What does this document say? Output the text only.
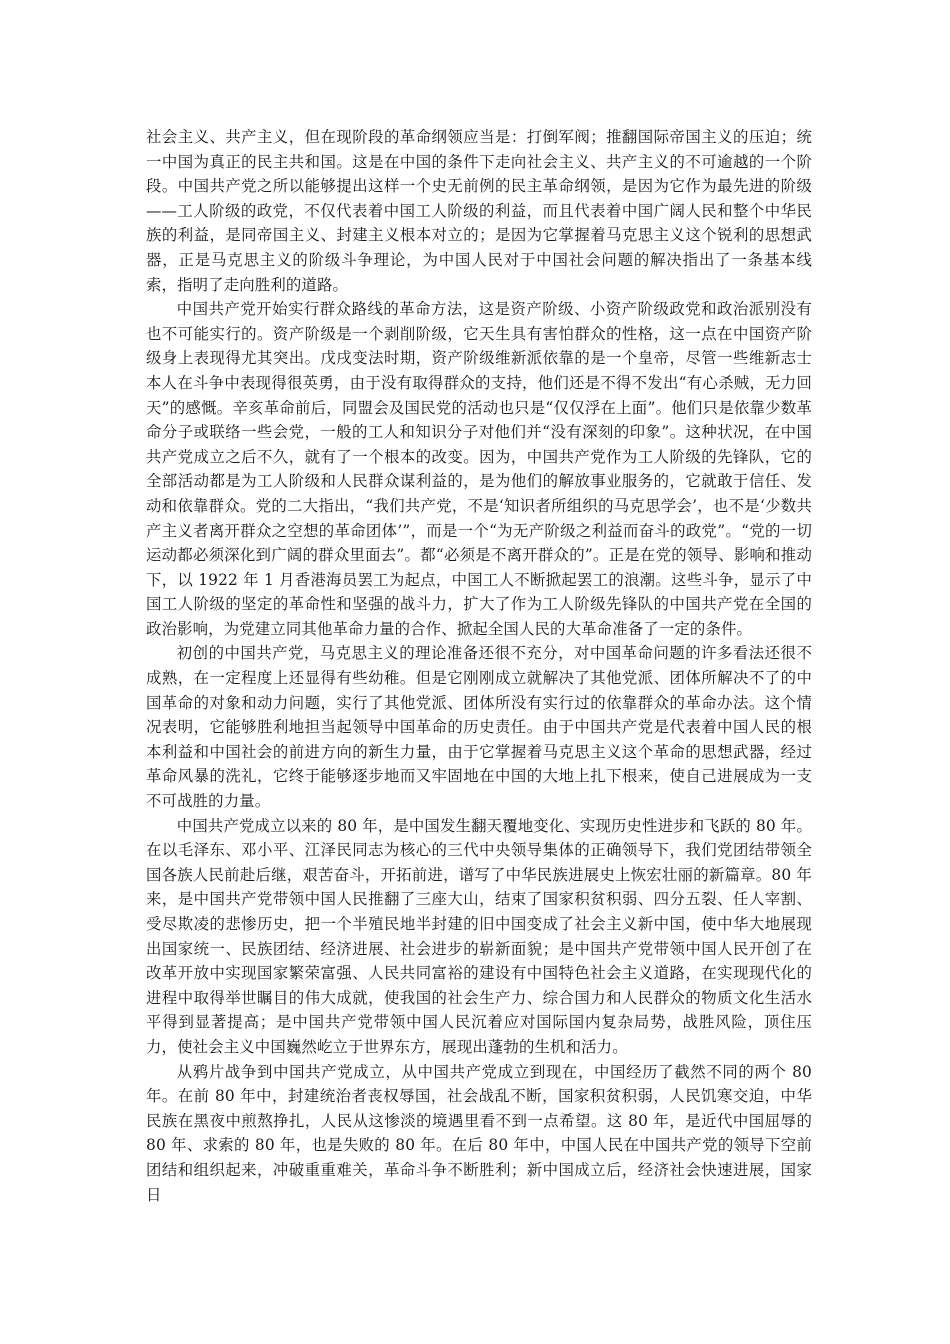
社会主义、共产主义，但在现阶段的革命纲领应当是：打倒军阀；推翻国际帝国主义的压迫；统一中国为真正的民主共和国。这是在中国的条件下走向社会主义、共产主义的不可逾越的一个阶段。中国共产党之所以能够提出这样一个史无前例的民主革命纲领，是因为它作为最先进的阶级——工人阶级的政党，不仅代表着中国工人阶级的利益，而且代表着中国广阔人民和整个中华民族的利益，是同帝国主义、封建主义根本对立的；是因为它掌握着马克思主义这个锐利的思想武器，正是马克思主义的阶级斗争理论，为中国人民对于中国社会问题的解决指出了一条基本线索，指明了走向胜利的道路。

中国共产党开始实行群众路线的革命方法，这是资产阶级、小资产阶级政党和政治派别没有也不可能实行的。资产阶级是一个剥削阶级，它天生具有害怕群众的性格，这一点在中国资产阶级身上表现得尤其突出。戊戌变法时期，资产阶级维新派依靠的是一个皇帝，尽管一些维新志士本人在斗争中表现得很英勇，由于没有取得群众的支持，他们还是不得不发出“有心杀贼，无力回天”的感慨。辛亥革命前后，同盟会及国民党的活动也只是“仅仅浮在上面”。他们只是依靠少数革命分子或联络一些会党，一般的工人和知识分子对他们并“没有深刻的印象”。这种状况，在中国共产党成立之后不久，就有了一个根本的改变。因为，中国共产党作为工人阶级的先锋队，它的全部活动都是为工人阶级和人民群众谋利益的，是为他们的解放事业服务的，它就敢于信任、发动和依靠群众。党的二大指出，“我们共产党，不是‘知识者所组织的马克思学会’，也不是‘少数共产主义者离开群众之空想的革命团体’”，而是一个“为无产阶级之利益而奋斗的政党”。“党的一切运动都必须深化到广阔的群众里面去”。都“必须是不离开群众的”。正是在党的领导、影响和推动下，以 1922 年 1 月香港海员罢工为起点，中国工人不断掀起罢工的浪潮。这些斗争，显示了中国工人阶级的坚定的革命性和坚强的战斗力，扩大了作为工人阶级先锋队的中国共产党在全国的政治影响，为党建立同其他革命力量的合作、掀起全国人民的大革命准备了一定的条件。

初创的中国共产党，马克思主义的理论准备还很不充分，对中国革命问题的许多看法还很不成熟，在一定程度上还显得有些幼稚。但是它刚刚成立就解决了其他党派、团体所解决不了的中国革命的对象和动力问题，实行了其他党派、团体所没有实行过的依靠群众的革命办法。这个情况表明，它能够胜利地担当起领导中国革命的历史责任。由于中国共产党是代表着中国人民的根本利益和中国社会的前进方向的新生力量，由于它掌握着马克思主义这个革命的思想武器，经过革命风暴的洗礼，它终于能够逐步地而又牢固地在中国的大地上扎下根来，使自己进展成为一支不可战胜的力量。

中国共产党成立以来的 80 年，是中国发生翻天覆地变化、实现历史性进步和飞跃的 80 年。在以毛泽东、邓小平、江泽民同志为核心的三代中央领导集体的正确领导下，我们党团结带领全国各族人民前赴后继，艰苦奋斗，开拓前进，谱写了中华民族进展史上恢宏壮丽的新篇章。80 年来，是中国共产党带领中国人民推翻了三座大山，结束了国家积贫积弱、四分五裂、任人宰割、受尽欺凌的悲惨历史，把一个半殖民地半封建的旧中国变成了社会主义新中国，使中华大地展现出国家统一、民族团结、经济进展、社会进步的崭新面貌；是中国共产党带领中国人民开创了在改革开放中实现国家繁荣富强、人民共同富裕的建设有中国特色社会主义道路，在实现现代化的进程中取得举世瞩目的伟大成就，使我国的社会生产力、综合国力和人民群众的物质文化生活水平得到显著提高；是中国共产党带领中国人民沉着应对国际国内复杂局势，战胜风险，顶住压力，使社会主义中国巍然屹立于世界东方，展现出蓬勃的生机和活力。

从鸦片战争到中国共产党成立，从中国共产党成立到现在，中国经历了截然不同的两个 80 年。在前 80 年中，封建统治者丧权辱国，社会战乱不断，国家积贫积弱，人民饥寒交迫，中华民族在黑夜中煎熬挣扎，人民从这惨淡的境遇里看不到一点希望。这 80 年，是近代中国屈辱的 80 年、求索的 80 年，也是失败的 80 年。在后 80 年中，中国人民在中国共产党的领导下空前团结和组织起来，冲破重重难关，革命斗争不断胜利；新中国成立后，经济社会快速进展，国家日
